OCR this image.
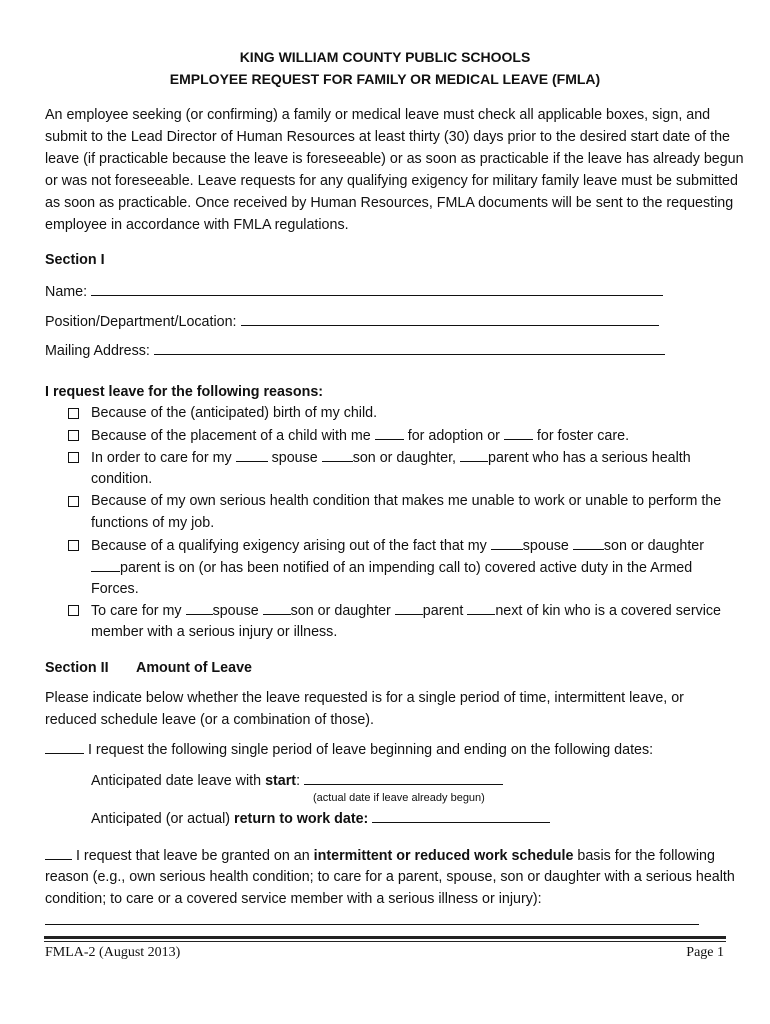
KING WILLIAM COUNTY PUBLIC SCHOOLS
EMPLOYEE REQUEST FOR FAMILY OR MEDICAL LEAVE (FMLA)
An employee seeking (or confirming) a family or medical leave must check all applicable boxes, sign, and
submit to the Lead Director of Human Resources at least thirty (30) days prior to the desired start date of the
leave (if practicable because the leave is foreseeable) or as soon as practicable if the leave has already begun
or was not foreseeable. Leave requests for any qualifying exigency for military family leave must be submitted
as soon as practicable. Once received by Human Resources, FMLA documents will be sent to the requesting
employee in accordance with FMLA regulations.
Section I
Name:
Position/Department/Location:
Mailing Address:
I request leave for the following reasons:
Because of the (anticipated) birth of my child.
Because of the placement of a child with me	for adoption or	for foster care.
In order to care for my	spouse son or daughter, parent who has a serious health
condition.
Because of my own serious health condition that makes me unable to work or unable to perform the
functions of my job.
Because of a qualifying exigency arising out of the fact that my	spouse son or daughter
parent is on (or has been notified of an impending call to) covered active duty in the Armed
Forces.
To care for my spouse son or daughter parent next of kin who is a covered service
member with a serious injury or illness.
Section II Amount of Leave
Please indicate below whether the leave requested is for a single period of time, intermittent leave, or
reduced schedule leave (or a combination of those).
I request the following single period of leave beginning and ending on the following dates:
Anticipated date leave with start:
(actual date if leave already begun)
Anticipated (or actual) return to work date:
I request that leave be granted on an intermittent or reduced work schedule basis for the following
reason (e.g., own serious health condition; to care for a parent, spouse, son or daughter with a serious health
condition; to care or a covered service member with a serious illness or injury):
FMLA-2 (August 2013)	Page 1
